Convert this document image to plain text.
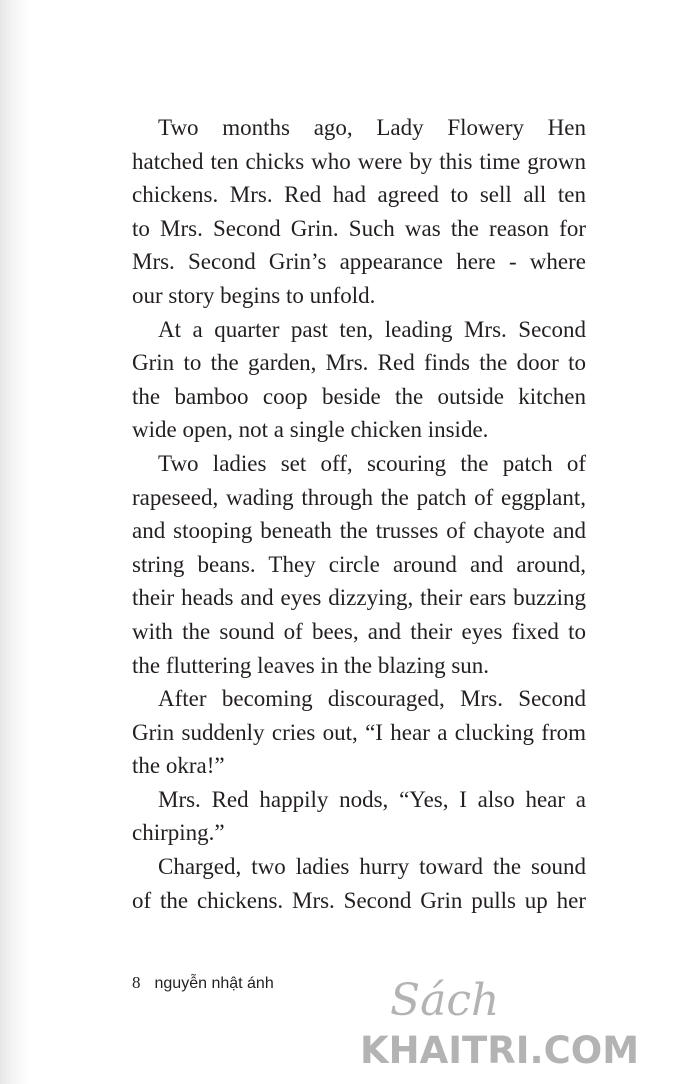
Two months ago, Lady Flowery Hen
hatched ten chicks who were by this time grown
chickens. Mrs. Red had agreed to sell all ten
to Mrs. Second Grin. Such was the reason for
Mrs. Second Grin’s appearance here - where
our story begins to unfold.

At a quarter past ten, leading Mrs. Second
Grin to the garden, Mrs. Red finds the door to
the bamboo coop beside the outside kitchen
wide open, not a single chicken inside.

Two ladies set off, scouring the patch of
rapeseed, wading through the patch of eggplant,
and stooping beneath the trusses of chayote and
string beans. They circle around and around,
their heads and eyes dizzying, their ears buzzing
with the sound of bees, and their eyes fixed to
the fluttering leaves in the blazing sun.

After becoming discouraged, Mrs. Second
Grin suddenly cries out, “I hear a clucking from
the okra!”

Mrs. Red happily nods, “Yes, I also hear a
chirping.”

Charged, two ladies hurry toward the sound
of the chickens. Mrs. Second Grin pulls up her

8 nguyễn nhật ánh	Sách
KHAITRI.COM
